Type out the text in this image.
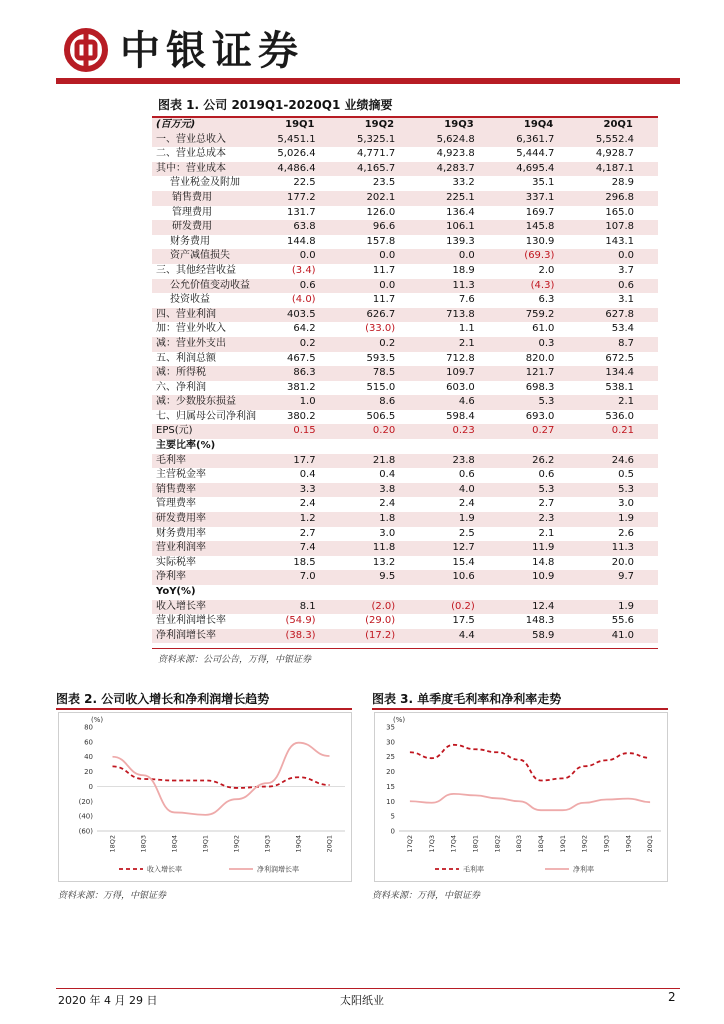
中银证券
图表 1. 公司 2019Q1-2020Q1 业绩摘要
(百万元)	19Q1	19Q2	19Q3	19Q4	20Q1
一、营业总收入	5,451.1	5,325.1	5,624.8	6,361.7	5,552.4
二、营业总成本	5,026.4	4,771.7	4,923.8	5,444.7	4,928.7
其中：营业成本	4,486.4	4,165.7	4,283.7	4,695.4	4,187.1
营业税金及附加	22.5	23.5	33.2	35.1	28.9
销售费用	177.2	202.1	225.1	337.1	296.8
管理费用	131.7	126.0	136.4	169.7	165.0
研发费用	63.8	96.6	106.1	145.8	107.8
财务费用	144.8	157.8	139.3	130.9	143.1
资产减值损失	0.0	0.0	0.0	(69.3)	0.0
三、其他经营收益	(3.4)	11.7	18.9	2.0	3.7
公允价值变动收益	0.6	0.0	11.3	(4.3)	0.6
投资收益	(4.0)	11.7	7.6	6.3	3.1
四、营业利润	403.5	626.7	713.8	759.2	627.8
加：营业外收入	64.2	(33.0)	1.1	61.0	53.4
减：营业外支出	0.2	0.2	2.1	0.3	8.7
五、利润总额	467.5	593.5	712.8	820.0	672.5
减：所得税	86.3	78.5	109.7	121.7	134.4
六、净利润	381.2	515.0	603.0	698.3	538.1
减：少数股东损益	1.0	8.6	4.6	5.3	2.1
七、归属母公司净利润	380.2	506.5	598.4	693.0	536.0
EPS(元)	0.15	0.20	0.23	0.27	0.21
主要比率(%)					
毛利率	17.7	21.8	23.8	26.2	24.6
主营税金率	0.4	0.4	0.6	0.6	0.5
销售费率	3.3	3.8	4.0	5.3	5.3
管理费率	2.4	2.4	2.4	2.7	3.0
研发费用率	1.2	1.8	1.9	2.3	1.9
财务费用率	2.7	3.0	2.5	2.1	2.6
营业利润率	7.4	11.8	12.7	11.9	11.3
实际税率	18.5	13.2	15.4	14.8	20.0
净利率	7.0	9.5	10.6	10.9	9.7
YoY(%)					
收入增长率	8.1	(2.0)	(0.2)	12.4	1.9
营业利润增长率	(54.9)	(29.0)	17.5	148.3	55.6
净利润增长率	(38.3)	(17.2)	4.4	58.9	41.0
资料来源：公司公告，万得，中银证券
图表 2. 公司收入增长和净利润增长趋势
(%)
80
60
40
20
0
(20)
(40)
(60)
18Q2	18Q3	18Q4	19Q1	19Q2	19Q3	19Q4	20Q1
收入增长率	净利润增长率
资料来源：万得，中银证券
图表 3. 单季度毛利率和净利率走势
(%)
35
30
25
20
15
10
5
0
17Q2 17Q3 17Q4 18Q1 18Q2 18Q3 18Q4 19Q1 19Q2 19Q3 19Q4 20Q1
毛利率	净利率
资料来源：万得，中银证券
2020 年 4 月 29 日	太阳纸业	2
